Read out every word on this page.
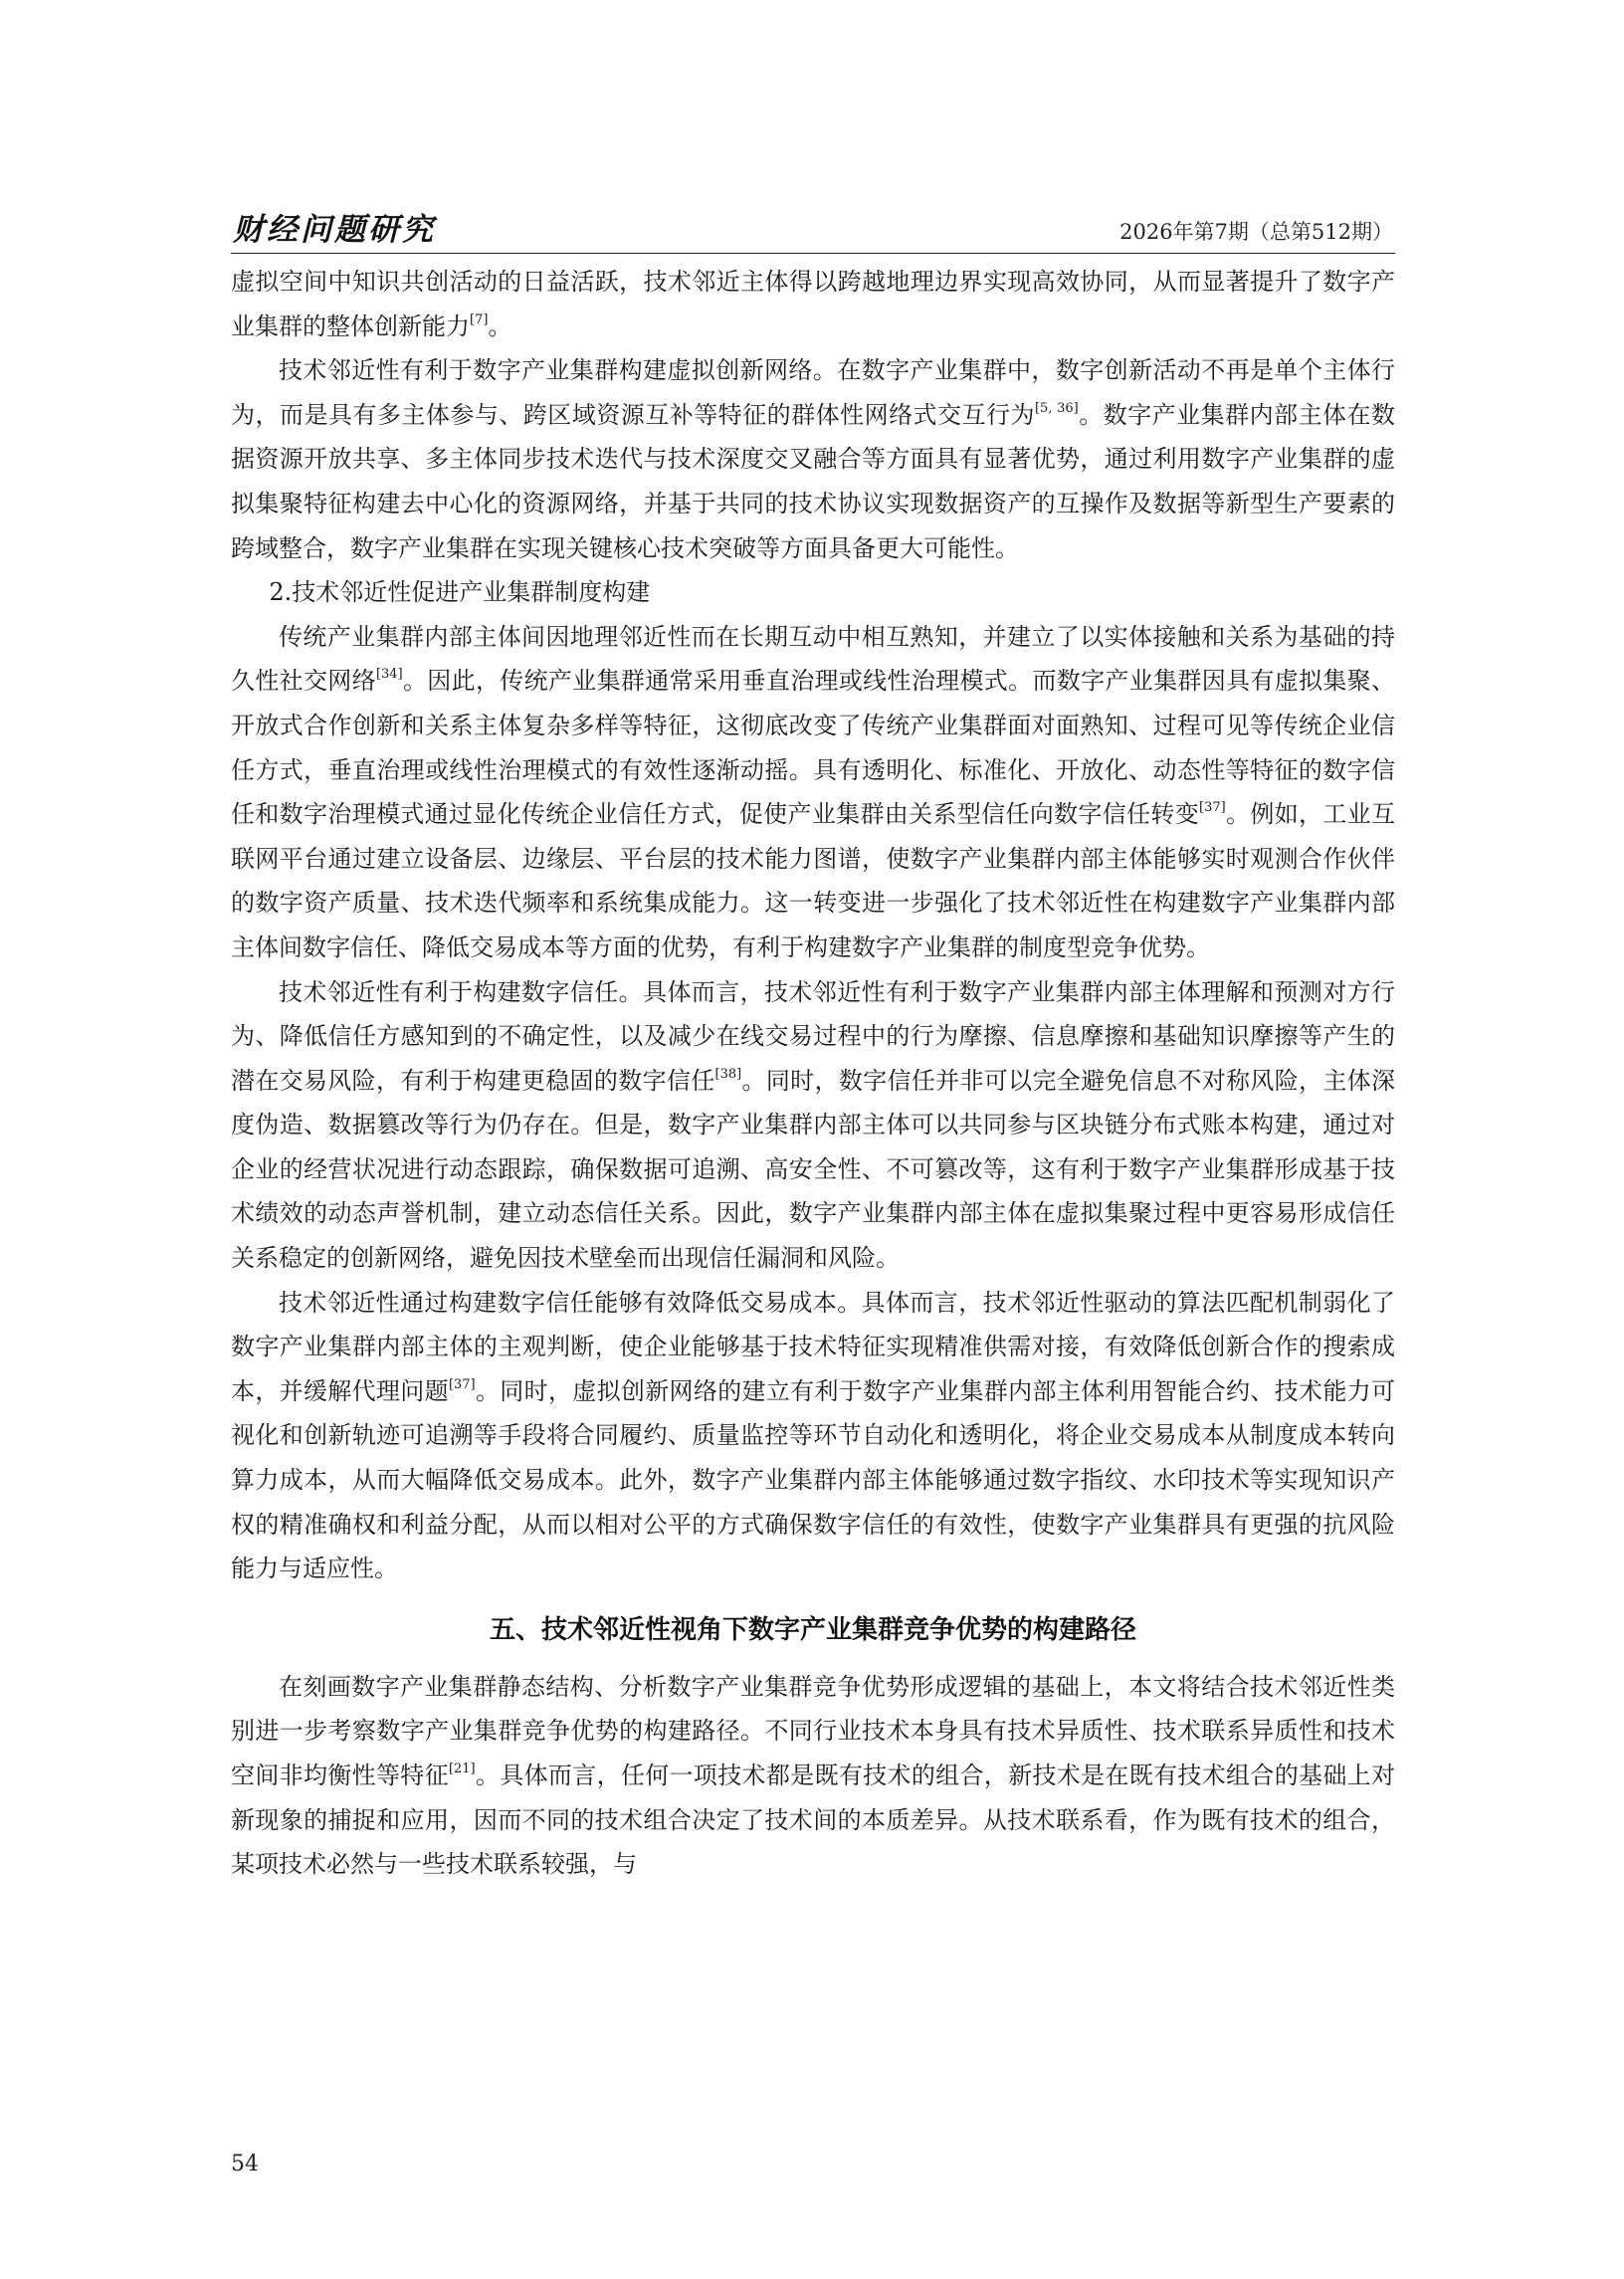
财经问题研究	2026年第7期（总第512期）

虚拟空间中知识共创活动的日益活跃，技术邻近主体得以跨越地理边界实现高效协同，从而显著提升了数字产业集群的整体创新能力[7]。

技术邻近性有利于数字产业集群构建虚拟创新网络。在数字产业集群中，数字创新活动不再是单个主体行为，而是具有多主体参与、跨区域资源互补等特征的群体性网络式交互行为[5, 36]。数字产业集群内部主体在数据资源开放共享、多主体同步技术迭代与技术深度交叉融合等方面具有显著优势，通过利用数字产业集群的虚拟集聚特征构建去中心化的资源网络，并基于共同的技术协议实现数据资产的互操作及数据等新型生产要素的跨域整合，数字产业集群在实现关键核心技术突破等方面具备更大可能性。

2.技术邻近性促进产业集群制度构建

传统产业集群内部主体间因地理邻近性而在长期互动中相互熟知，并建立了以实体接触和关系为基础的持久性社交网络[34]。因此，传统产业集群通常采用垂直治理或线性治理模式。而数字产业集群因具有虚拟集聚、开放式合作创新和关系主体复杂多样等特征，这彻底改变了传统产业集群面对面熟知、过程可见等传统企业信任方式，垂直治理或线性治理模式的有效性逐渐动摇。具有透明化、标准化、开放化、动态性等特征的数字信任和数字治理模式通过显化传统企业信任方式，促使产业集群由关系型信任向数字信任转变[37]。例如，工业互联网平台通过建立设备层、边缘层、平台层的技术能力图谱，使数字产业集群内部主体能够实时观测合作伙伴的数字资产质量、技术迭代频率和系统集成能力。这一转变进一步强化了技术邻近性在构建数字产业集群内部主体间数字信任、降低交易成本等方面的优势，有利于构建数字产业集群的制度型竞争优势。

技术邻近性有利于构建数字信任。具体而言，技术邻近性有利于数字产业集群内部主体理解和预测对方行为、降低信任方感知到的不确定性，以及减少在线交易过程中的行为摩擦、信息摩擦和基础知识摩擦等产生的潜在交易风险，有利于构建更稳固的数字信任[38]。同时，数字信任并非可以完全避免信息不对称风险，主体深度伪造、数据篡改等行为仍存在。但是，数字产业集群内部主体可以共同参与区块链分布式账本构建，通过对企业的经营状况进行动态跟踪，确保数据可追溯、高安全性、不可篡改等，这有利于数字产业集群形成基于技术绩效的动态声誉机制，建立动态信任关系。因此，数字产业集群内部主体在虚拟集聚过程中更容易形成信任关系稳定的创新网络，避免因技术壁垒而出现信任漏洞和风险。

技术邻近性通过构建数字信任能够有效降低交易成本。具体而言，技术邻近性驱动的算法匹配机制弱化了数字产业集群内部主体的主观判断，使企业能够基于技术特征实现精准供需对接，有效降低创新合作的搜索成本，并缓解代理问题[37]。同时，虚拟创新网络的建立有利于数字产业集群内部主体利用智能合约、技术能力可视化和创新轨迹可追溯等手段将合同履约、质量监控等环节自动化和透明化，将企业交易成本从制度成本转向算力成本，从而大幅降低交易成本。此外，数字产业集群内部主体能够通过数字指纹、水印技术等实现知识产权的精准确权和利益分配，从而以相对公平的方式确保数字信任的有效性，使数字产业集群具有更强的抗风险能力与适应性。

五、技术邻近性视角下数字产业集群竞争优势的构建路径

在刻画数字产业集群静态结构、分析数字产业集群竞争优势形成逻辑的基础上，本文将结合技术邻近性类别进一步考察数字产业集群竞争优势的构建路径。不同行业技术本身具有技术异质性、技术联系异质性和技术空间非均衡性等特征[21]。具体而言，任何一项技术都是既有技术的组合，新技术是在既有技术组合的基础上对新现象的捕捉和应用，因而不同的技术组合决定了技术间的本质差异。从技术联系看，作为既有技术的组合，某项技术必然与一些技术联系较强，与

54
